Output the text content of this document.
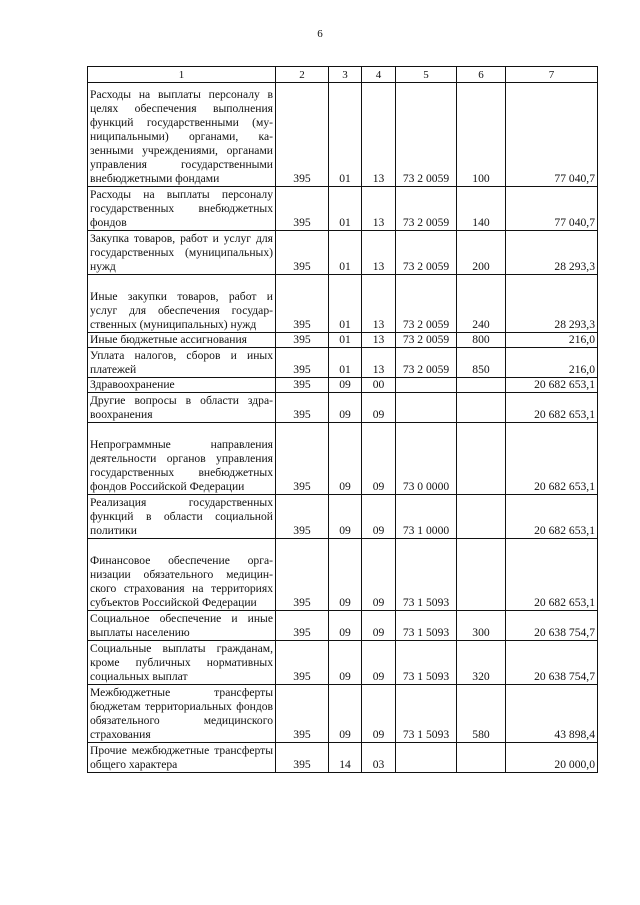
6
1	2	3	4	5	6	7
Расходы на выплаты персоналу в целях обеспечения выполнения функций государственными (муниципальными) органами, казенными учреждениями, органами управления государственными внебюджетными фондами	395	01	13	73 2 0059	100	77 040,7
Расходы на выплаты персоналу государственных внебюджетных фондов	395	01	13	73 2 0059	140	77 040,7
Закупка товаров, работ и услуг для государственных (муниципальных) нужд	395	01	13	73 2 0059	200	28 293,3
Иные закупки товаров, работ и услуг для обеспечения государственных (муниципальных) нужд	395	01	13	73 2 0059	240	28 293,3
Иные бюджетные ассигнования	395	01	13	73 2 0059	800	216,0
Уплата налогов, сборов и иных платежей	395	01	13	73 2 0059	850	216,0
Здравоохранение	395	09	00			20 682 653,1
Другие вопросы в области здравоохранения	395	09	09			20 682 653,1
Непрограммные направления деятельности органов управления государственных внебюджетных фондов Российской Федерации	395	09	09	73 0 0000		20 682 653,1
Реализация государственных функций в области социальной политики	395	09	09	73 1 0000		20 682 653,1
Финансовое обеспечение организации обязательного медицинского страхования на территориях субъектов Российской Федерации	395	09	09	73 1 5093		20 682 653,1
Социальное обеспечение и иные выплаты населению	395	09	09	73 1 5093	300	20 638 754,7
Социальные выплаты гражданам, кроме публичных нормативных социальных выплат	395	09	09	73 1 5093	320	20 638 754,7
Межбюджетные трансферты бюджетам территориальных фондов обязательного медицинского страхования	395	09	09	73 1 5093	580	43 898,4
Прочие межбюджетные трансферты общего характера	395	14	03			20 000,0
